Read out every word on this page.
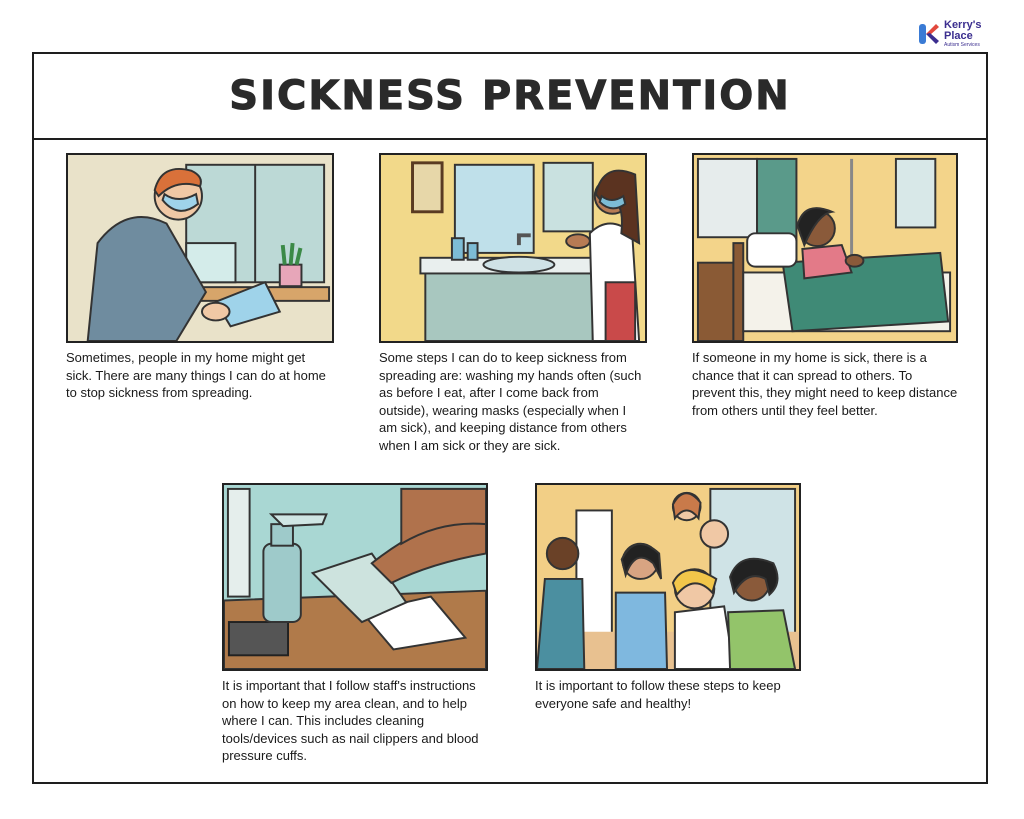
Kerry's
Place
Autism Services
SICKNESS PREVENTION
Sometimes, people in my home might get sick. There are many things I can do at home to stop sickness from spreading.
Some steps I can do to keep sickness from spreading are: washing my hands often (such as before I eat, after I come back from outside), wearing masks (especially when I am sick), and keeping distance from others when I am sick or they are sick.
If someone in my home is sick, there is a chance that it can spread to others. To prevent this, they might need to keep distance from others until they feel better.
It is important that I follow staff's instructions on how to keep my area clean, and to help where I can. This includes cleaning tools/devices such as nail clippers and blood pressure cuffs.
It is important to follow these steps to keep everyone safe and healthy!
